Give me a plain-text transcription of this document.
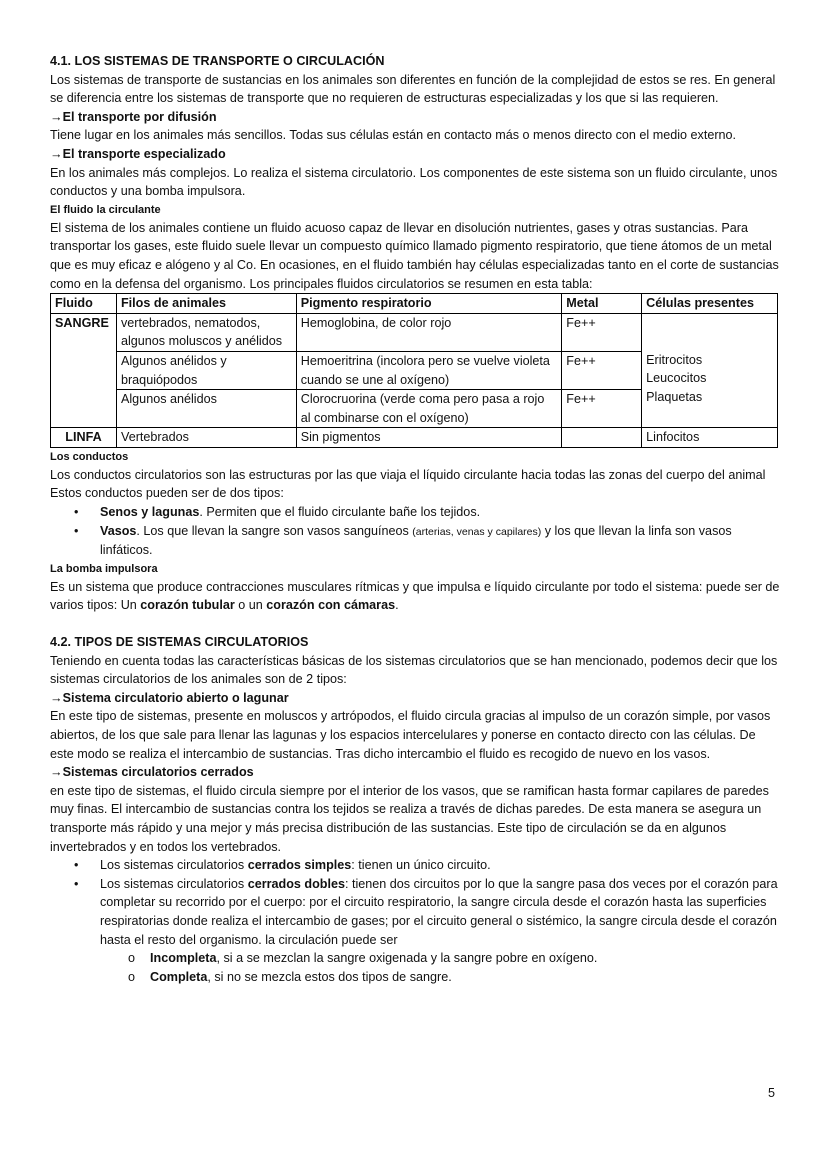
4.1. LOS SISTEMAS DE TRANSPORTE O CIRCULACIÓN

Los sistemas de transporte de sustancias en los animales son diferentes en función de la complejidad de estos se res. En general se diferencia entre los sistemas de transporte que no requieren de estructuras especializadas y los que si las requieren.

→El transporte por difusión

Tiene lugar en los animales más sencillos. Todas sus células están en contacto más o menos directo con el medio externo.

→El transporte especializado

En los animales más complejos. Lo realiza el sistema circulatorio. Los componentes de este sistema son un fluido circulante, unos conductos y una bomba impulsora.

El fluido la circulante

El sistema de los animales contiene un fluido acuoso capaz de llevar en disolución nutrientes, gases y otras sustancias. Para transportar los gases, este fluido suele llevar un compuesto químico llamado pigmento respiratorio, que tiene átomos de un metal que es muy eficaz e alógeno y al Co. En ocasiones, en el fluido también hay células especializadas tanto en el corte de sustancias como en la defensa del organismo. Los principales fluidos circulatorios se resumen en esta tabla:

Fluido	Filos de animales	Pigmento respiratorio	Metal	Células presentes
SANGRE	vertebrados, nematodos, algunos moluscos y anélidos	Hemoglobina, de color rojo	Fe++	Eritrocitos
Leucocitos
Plaquetas

	Algunos anélidos y braquiópodos	Hemoeritrina (incolora pero se vuelve violeta cuando se une al oxígeno)	Fe++	
	Algunos anélidos	Clorocruorina (verde coma pero pasa a rojo al combinarse con el oxígeno)	Fe++	
LINFA	Vertebrados	Sin pigmentos		Linfocitos

Los conductos

Los conductos circulatorios son las estructuras por las que viaja el líquido circulante hacia todas las zonas del cuerpo del animal Estos conductos pueden ser de dos tipos:

• Senos y lagunas. Permiten que el fluido circulante bañe los tejidos.
• Vasos. Los que llevan la sangre son vasos sanguíneos (arterias, venas y capilares) y los que llevan la linfa son vasos linfáticos.

La bomba impulsora

Es un sistema que produce contracciones musculares rítmicas y que impulsa e líquido circulante por todo el sistema: puede ser de varios tipos: Un corazón tubular o un corazón con cámaras.

4.2. TIPOS DE SISTEMAS CIRCULATORIOS

Teniendo en cuenta todas las características básicas de los sistemas circulatorios que se han mencionado, podemos decir que los sistemas circulatorios de los animales son de 2 tipos:

→Sistema circulatorio abierto o lagunar

En este tipo de sistemas, presente en moluscos y artrópodos, el fluido circula gracias al impulso de un corazón simple, por vasos abiertos, de los que sale para llenar las lagunas y los espacios intercelulares y ponerse en contacto directo con las células. De este modo se realiza el intercambio de sustancias. Tras dicho intercambio el fluido es recogido de nuevo en los vasos.

→Sistemas circulatorios cerrados

en este tipo de sistemas, el fluido circula siempre por el interior de los vasos, que se ramifican hasta formar capilares de paredes muy finas. El intercambio de sustancias contra los tejidos se realiza a través de dichas paredes. De esta manera se asegura un transporte más rápido y una mejor y más precisa distribución de las sustancias. Este tipo de circulación se da en algunos invertebrados y en todos los vertebrados.

• Los sistemas circulatorios cerrados simples: tienen un único circuito.
• Los sistemas circulatorios cerrados dobles: tienen dos circuitos por lo que la sangre pasa dos veces por el corazón para completar su recorrido por el cuerpo: por el circuito respiratorio, la sangre circula desde el corazón hasta las superficies respiratorias donde realiza el intercambio de gases; por el circuito general o sistémico, la sangre circula desde el corazón hasta el resto del organismo. la circulación puede ser
o Incompleta, si a se mezclan la sangre oxigenada y la sangre pobre en oxígeno.
o Completa, si no se mezcla estos dos tipos de sangre.
5
